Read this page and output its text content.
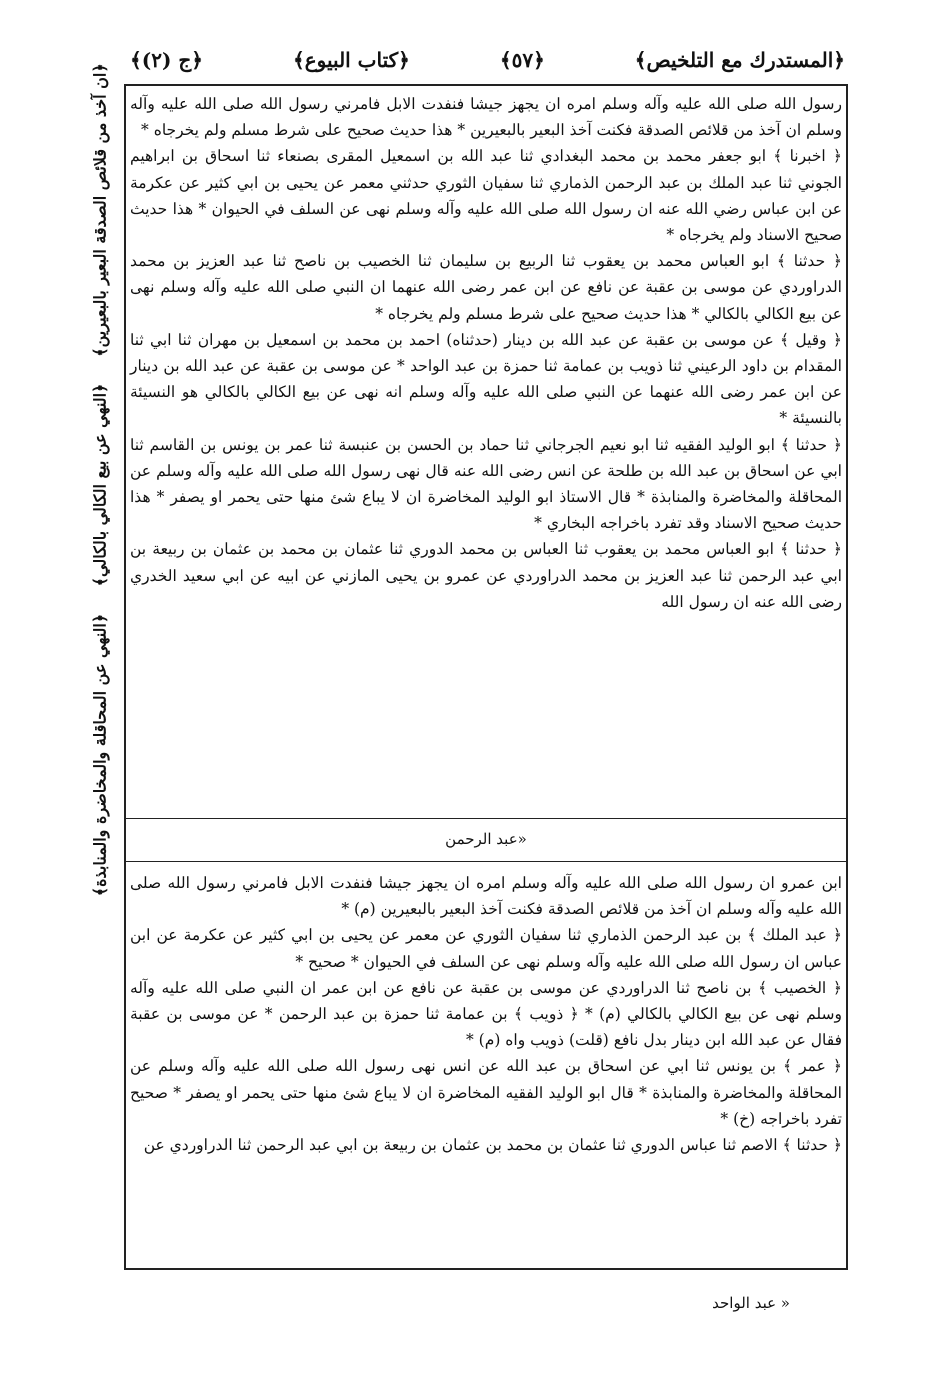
﴿المستدرك مع التلخيص﴾
﴿٥٧﴾
﴿كتاب البيوع﴾
﴿ج (٢)﴾
﴿ان آخذ من قلائص الصدقة البعير بالبعيرين﴾
﴿النهي عن بيع الكالي بالكالي﴾
﴿النهي عن المحاقلة والمخاضرة والمنابذة﴾

رسول الله صلى الله عليه وآله وسلم امره ان يجهز جيشا فنفدت الابل فامرني رسول الله صلى الله عليه وآله وسلم ان آخذ من قلائص الصدقة فكنت آخذ البعير بالبعيرين * هذا حديث صحيح على شرط مسلم ولم يخرجاه *

﴿ اخبرنا ﴾ ابو جعفر محمد بن محمد البغدادي ثنا عبد الله بن اسمعيل المقرى بصنعاء ثنا اسحاق بن ابراهيم الجوني ثنا عبد الملك بن عبد الرحمن الذماري ثنا سفيان الثوري حدثني معمر عن يحيى بن ابي كثير عن عكرمة عن ابن عباس رضي الله عنه ان رسول الله صلى الله عليه وآله وسلم نهى عن السلف في الحيوان * هذا حديث صحيح الاسناد ولم يخرجاه *

﴿ حدثنا ﴾ ابو العباس محمد بن يعقوب ثنا الربيع بن سليمان ثنا الخصيب بن ناصح ثنا عبد العزيز بن محمد الدراوردي عن موسى بن عقبة عن نافع عن ابن عمر رضى الله عنهما ان النبي صلى الله عليه وآله وسلم نهى عن بيع الكالي بالكالي * هذا حديث صحيح على شرط مسلم ولم يخرجاه *

﴿ وقيل ﴾ عن موسى بن عقبة عن عبد الله بن دينار (حدثناه) احمد بن محمد بن اسمعيل بن مهران ثنا ابي ثنا المقدام بن داود الرعيني ثنا ذويب بن عمامة ثنا حمزة بن عبد الواحد * عن موسى بن عقبة عن عبد الله بن دينار عن ابن عمر رضى الله عنهما عن النبي صلى الله عليه وآله وسلم انه نهى عن بيع الكالي بالكالي هو النسيئة بالنسيئة *

﴿ حدثنا ﴾ ابو الوليد الفقيه ثنا ابو نعيم الجرجاني ثنا حماد بن الحسن بن عنبسة ثنا عمر بن يونس بن القاسم ثنا ابي عن اسحاق بن عبد الله بن طلحة عن انس رضى الله عنه قال نهى رسول الله صلى الله عليه وآله وسلم عن المحاقلة والمخاضرة والمنابذة * قال الاستاذ ابو الوليد المخاضرة ان لا يباع شئ منها حتى يحمر او يصفر * هذا حديث صحيح الاسناد وقد تفرد باخراجه البخاري *

﴿ حدثنا ﴾ ابو العباس محمد بن يعقوب ثنا العباس بن محمد الدوري ثنا عثمان بن محمد بن عثمان بن ربيعة بن ابي عبد الرحمن ثنا عبد العزيز بن محمد الدراوردي عن عمرو بن يحيى المازني عن ابيه عن ابي سعيد الخدري رضى الله عنه ان رسول الله

«عبد الرحمن

ابن عمرو ان رسول الله صلى الله عليه وآله وسلم امره ان يجهز جيشا فنفدت الابل فامرني رسول الله صلى الله عليه وآله وسلم ان آخذ من قلائص الصدقة فكنت آخذ البعير بالبعيرين (م) *

﴿ عبد الملك ﴾ بن عبد الرحمن الذماري ثنا سفيان الثوري عن معمر عن يحيى بن ابي كثير عن عكرمة عن ابن عباس ان رسول الله صلى الله عليه وآله وسلم نهى عن السلف في الحيوان * صحيح *

﴿ الخصيب ﴾ بن ناصح ثنا الدراوردي عن موسى بن عقبة عن نافع عن ابن عمر ان النبي صلى الله عليه وآله وسلم نهى عن بيع الكالي بالكالي (م) * ﴿ ذويب ﴾ بن عمامة ثنا حمزة بن عبد الرحمن * عن موسى بن عقبة فقال عن عبد الله ابن دينار بدل نافع (قلت) ذويب واه (م) *

﴿ عمر ﴾ بن يونس ثنا ابي عن اسحاق بن عبد الله عن انس نهى رسول الله صلى الله عليه وآله وسلم عن المحاقلة والمخاضرة والمنابذة * قال ابو الوليد الفقيه المخاضرة ان لا يباع شئ منها حتى يحمر او يصفر * صحيح تفرد باخراجه (خ) *

﴿ حدثنا ﴾ الاصم ثنا عباس الدوري ثنا عثمان بن محمد بن عثمان بن ربيعة بن ابي عبد الرحمن ثنا الدراوردي عن

« عبد الواحد
